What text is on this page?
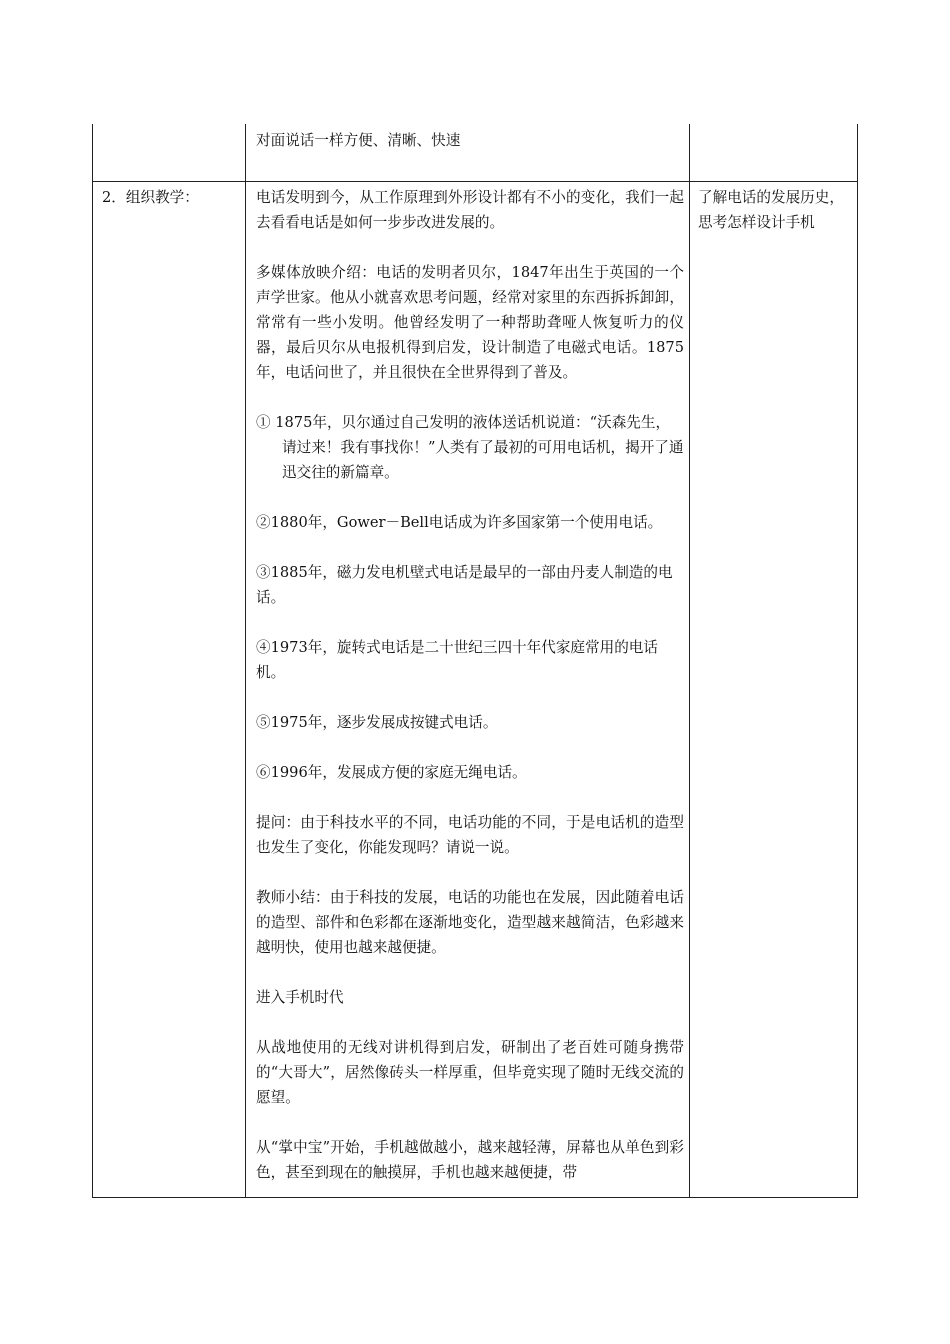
对面说话一样方便、清晰、快速
2．组织教学：	电话发明到今，从工作原理到外形设计都有不小的变化，我们一起去看看电话是如何一步步改进发展的。

多媒体放映介绍：电话的发明者贝尔，1847年出生于英国的一个声学世家。他从小就喜欢思考问题，经常对家里的东西拆拆卸卸，常常有一些小发明。他曾经发明了一种帮助聋哑人恢复听力的仪器，最后贝尔从电报机得到启发，设计制造了电磁式电话。1875年，电话问世了，并且很快在全世界得到了普及。

① 1875年，贝尔通过自己发明的液体送话机说道：“沃森先生，请过来！我有事找你！”人类有了最初的可用电话机，揭开了通迅交往的新篇章。

②1880年，Gower－Bell电话成为许多国家第一个使用电话。

③1885年，磁力发电机壁式电话是最早的一部由丹麦人制造的电话。

④1973年，旋转式电话是二十世纪三四十年代家庭常用的电话机。

⑤1975年，逐步发展成按键式电话。

⑥1996年，发展成方便的家庭无绳电话。

提问：由于科技水平的不同，电话功能的不同，于是电话机的造型也发生了变化，你能发现吗？请说一说。

教师小结：由于科技的发展，电话的功能也在发展，因此随着电话的造型、部件和色彩都在逐渐地变化，造型越来越简洁，色彩越来越明快，使用也越来越便捷。

进入手机时代

从战地使用的无线对讲机得到启发，研制出了老百姓可随身携带的“大哥大”，居然像砖头一样厚重，但毕竟实现了随时无线交流的愿望。

从“掌中宝”开始，手机越做越小，越来越轻薄，屏幕也从单色到彩色，甚至到现在的触摸屏，手机也越来越便捷，带

了解电话的发展历史，思考怎样设计手机
